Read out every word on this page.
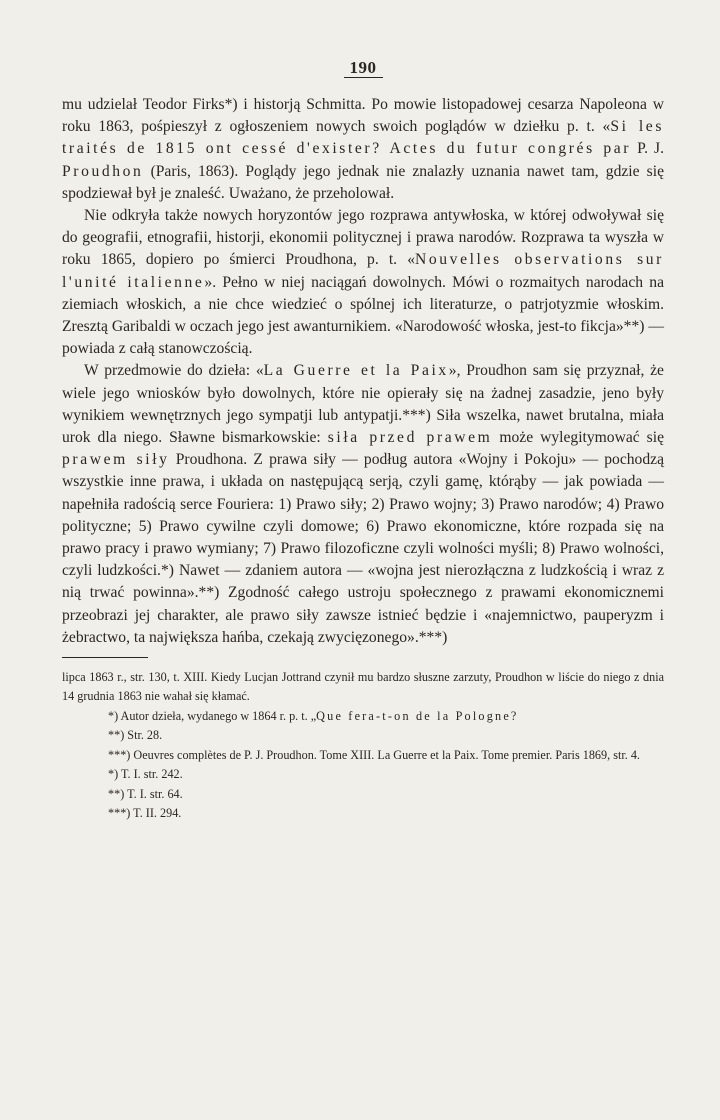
190

mu udzielał Teodor Firks*) i historją Schmitta. Po mowie listopadowej cesarza Napoleona w roku 1863, pośpieszył z ogłoszeniem nowych swoich poglądów w dziełku p. t. «Si les traités de 1815 ont cessé d'exister? Actes du futur congrés par P. J. Proudhon (Paris, 1863). Poglądy jego jednak nie znalazły uznania nawet tam, gdzie się spodziewał był je znaleść. Uważano, że przeholował.

Nie odkryła także nowych horyzontów jego rozprawa antywłoska, w której odwoływał się do geografii, etnografii, historji, ekonomii politycznej i prawa narodów. Rozprawa ta wyszła w roku 1865, dopiero po śmierci Proudhona, p. t. «Nouvelles observations sur l'unité italienne». Pełno w niej naciągań dowolnych. Mówi o rozmaitych narodach na ziemiach włoskich, a nie chce wiedzieć o spólnej ich literaturze, o patrjotyzmie włoskim. Zresztą Garibaldi w oczach jego jest awanturnikiem. «Narodowość włoska, jest-to fikcja»**) — powiada z całą stanowczością.

W przedmowie do dzieła: «La Guerre et la Paix», Proudhon sam się przyznał, że wiele jego wniosków było dowolnych, które nie opierały się na żadnej zasadzie, jeno były wynikiem wewnętrznych jego sympatji lub antypatji.***) Siła wszelka, nawet brutalna, miała urok dla niego. Sławne bismarkowskie: siła przed prawem może wylegitymować się prawem siły Proudhona. Z prawa siły — podług autora «Wojny i Pokoju» — pochodzą wszystkie inne prawa, i układa on następującą serją, czyli gamę, którąby — jak powiada — napełniła radością serce Fouriera: 1) Prawo siły; 2) Prawo wojny; 3) Prawo narodów; 4) Prawo polityczne; 5) Prawo cywilne czyli domowe; 6) Prawo ekonomiczne, które rozpada się na prawo pracy i prawo wymiany; 7) Prawo filozoficzne czyli wolności myśli; 8) Prawo wolności, czyli ludzkości.*) Nawet — zdaniem autora — «wojna jest nierozłączna z ludzkością i wraz z nią trwać powinna».**) Zgodność całego ustroju społecznego z prawami ekonomicznemi przeobrazi jej charakter, ale prawo siły zawsze istnieć będzie i «najemnictwo, pauperyzm i żebractwo, ta największa hańba, czekają zwycięzonego».***)

lipca 1863 r., str. 130, t. XIII. Kiedy Lucjan Jottrand czynił mu bardzo słuszne zarzuty, Proudhon w liście do niego z dnia 14 grudnia 1863 nie wahał się kłamać.

*) Autor dzieła, wydanego w 1864 r. p. t. „Que fera-t-on de la Pologne?

**) Str. 28.

***) Oeuvres complètes de P. J. Proudhon. Tome XIII. La Guerre et la Paix. Tome premier. Paris 1869, str. 4.

*) T. I. str. 242.

**) T. I. str. 64.

***) T. II. 294.
